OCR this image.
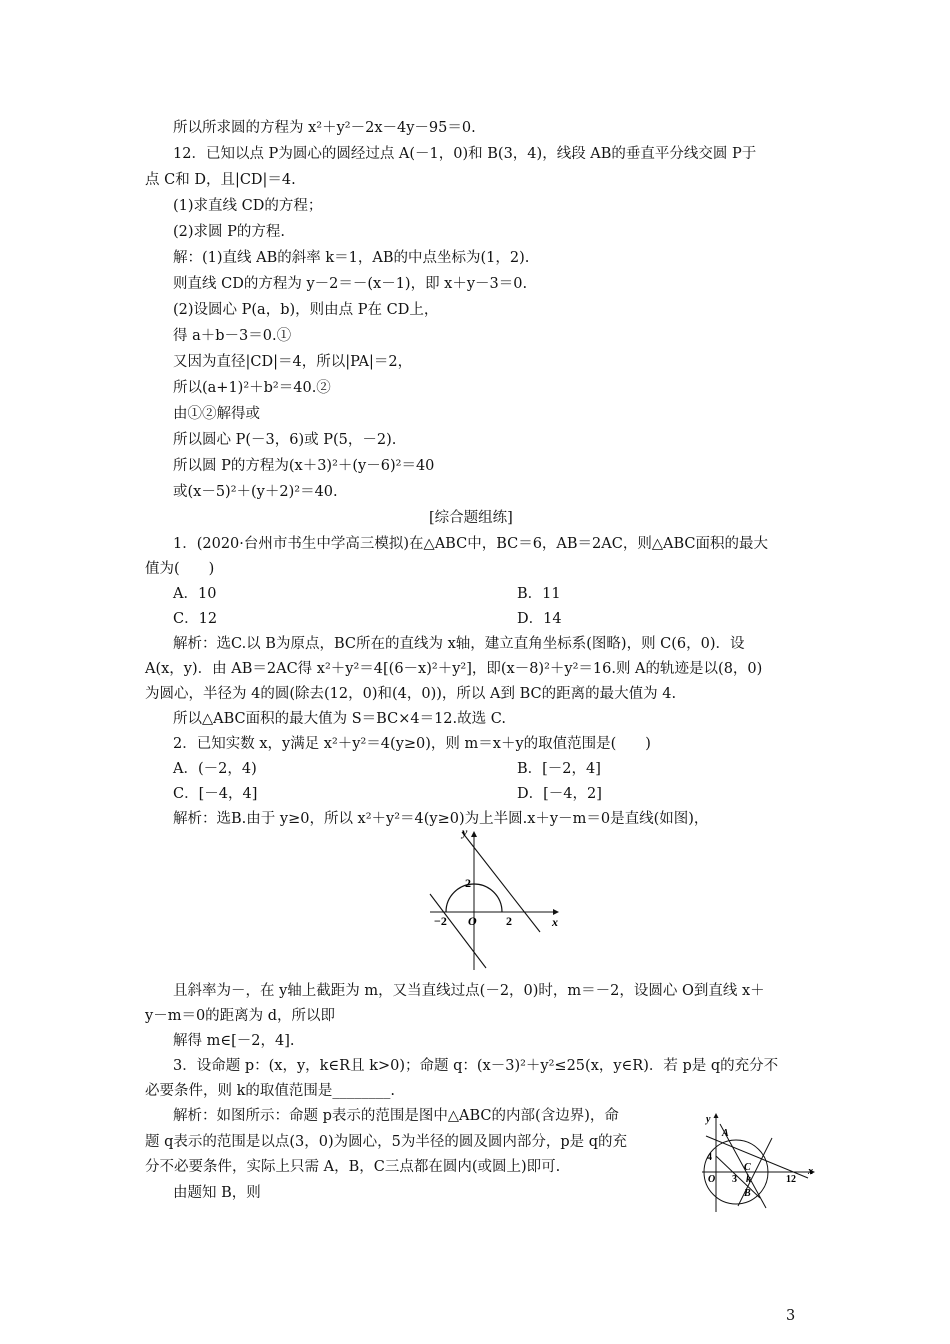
所以所求圆的方程为 x²＋y²－2x－4y－95＝0.
12．已知以点 P为圆心的圆经过点 A(－1，0)和 B(3，4)，线段 AB的垂直平分线交圆 P于
点 C和 D，且|CD|＝4.
(1)求直线 CD的方程；
(2)求圆 P的方程.
解：(1)直线 AB的斜率 k＝1，AB的中点坐标为(1，2).
则直线 CD的方程为 y－2＝－(x－1)，即 x＋y－3＝0.
(2)设圆心 P(a，b)，则由点 P在 CD上，
得 a＋b－3＝0.①
又因为直径|CD|＝4，所以|PA|＝2，
所以(a+1)²＋b²＝40.②
由①②解得或
所以圆心 P(－3，6)或 P(5，－2).
所以圆 P的方程为(x＋3)²＋(y－6)²＝40
或(x－5)²＋(y＋2)²＝40.
[综合题组练]
1．(2020·台州市书生中学高三模拟)在△ABC中，BC＝6，AB＝2AC，则△ABC面积的最大
值为(　　)
A．10	B．11
C．12	D．14
解析：选C.以 B为原点，BC所在的直线为 x轴，建立直角坐标系(图略)，则 C(6，0)．设
A(x，y)．由 AB＝2AC得 x²＋y²＝4[(6－x)²＋y²]，即(x－8)²＋y²＝16.则 A的轨迹是以(8，0)
为圆心，半径为 4的圆(除去(12，0)和(4，0))，所以 A到 BC的距离的最大值为 4.
所以△ABC面积的最大值为 S＝BC×4＝12.故选 C.
2．已知实数 x，y满足 x²＋y²＝4(y≥0)，则 m＝x＋y的取值范围是(　　)
A．(－2，4)	B．[－2，4]
C．[－4，4]	D．[－4，2]
解析：选B.由于 y≥0，所以 x²＋y²＝4(y≥0)为上半圆.x＋y－m＝0是直线(如图)，
y
x
2
−2 O 2
且斜率为－，在 y轴上截距为 m，又当直线过点(－2，0)时，m＝－2，设圆心 O到直线 x＋
y－m＝0的距离为 d，所以即
解得 m∈[－2，4].
3．设命题 p：(x，y，k∈R且 k>0)；命题 q：(x－3)²＋y²≤25(x，y∈R)．若 p是 q的充分不
必要条件，则 k的取值范围是________.
解析：如图所示：命题 p表示的范围是图中△ABC的内部(含边界)，命
题 q表示的范围是以点(3，0)为圆心，5为半径的圆及圆内部分，p是 q的充
分不必要条件，实际上只需 A，B，C三点都在圆内(或圆上)即可.
由题知 B，则
y
x
A
4
O 3
C
k
B
12
3
